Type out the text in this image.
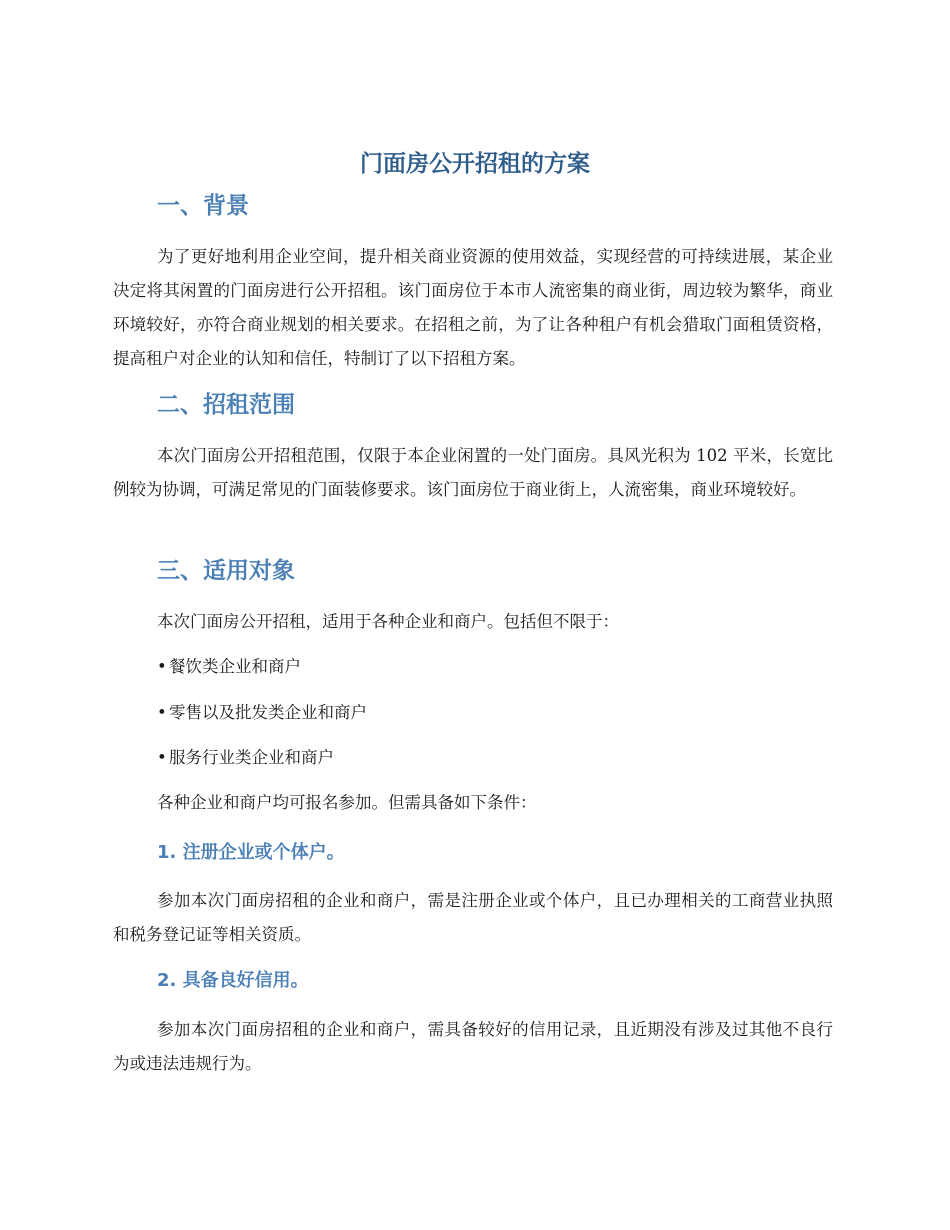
门面房公开招租的方案
一、背景

为了更好地利用企业空间，提升相关商业资源的使用效益，实现经营的可持续进展，某企业决定将其闲置的门面房进行公开招租。该门面房位于本市人流密集的商业街，周边较为繁华，商业环境较好，亦符合商业规划的相关要求。在招租之前，为了让各种租户有机会猎取门面租赁资格，提高租户对企业的认知和信任，特制订了以下招租方案。

二、招租范围

本次门面房公开招租范围，仅限于本企业闲置的一处门面房。具风光积为 102 平米，长宽比例较为协调，可满足常见的门面装修要求。该门面房位于商业街上，人流密集，商业环境较好。

三、适用对象

本次门面房公开招租，适用于各种企业和商户。包括但不限于：

• 餐饮类企业和商户

• 零售以及批发类企业和商户

• 服务行业类企业和商户

各种企业和商户均可报名参加。但需具备如下条件：

1. 注册企业或个体户。

参加本次门面房招租的企业和商户，需是注册企业或个体户，且已办理相关的工商营业执照和税务登记证等相关资质。

2. 具备良好信用。

参加本次门面房招租的企业和商户，需具备较好的信用记录，且近期没有涉及过其他不良行为或违法违规行为。
